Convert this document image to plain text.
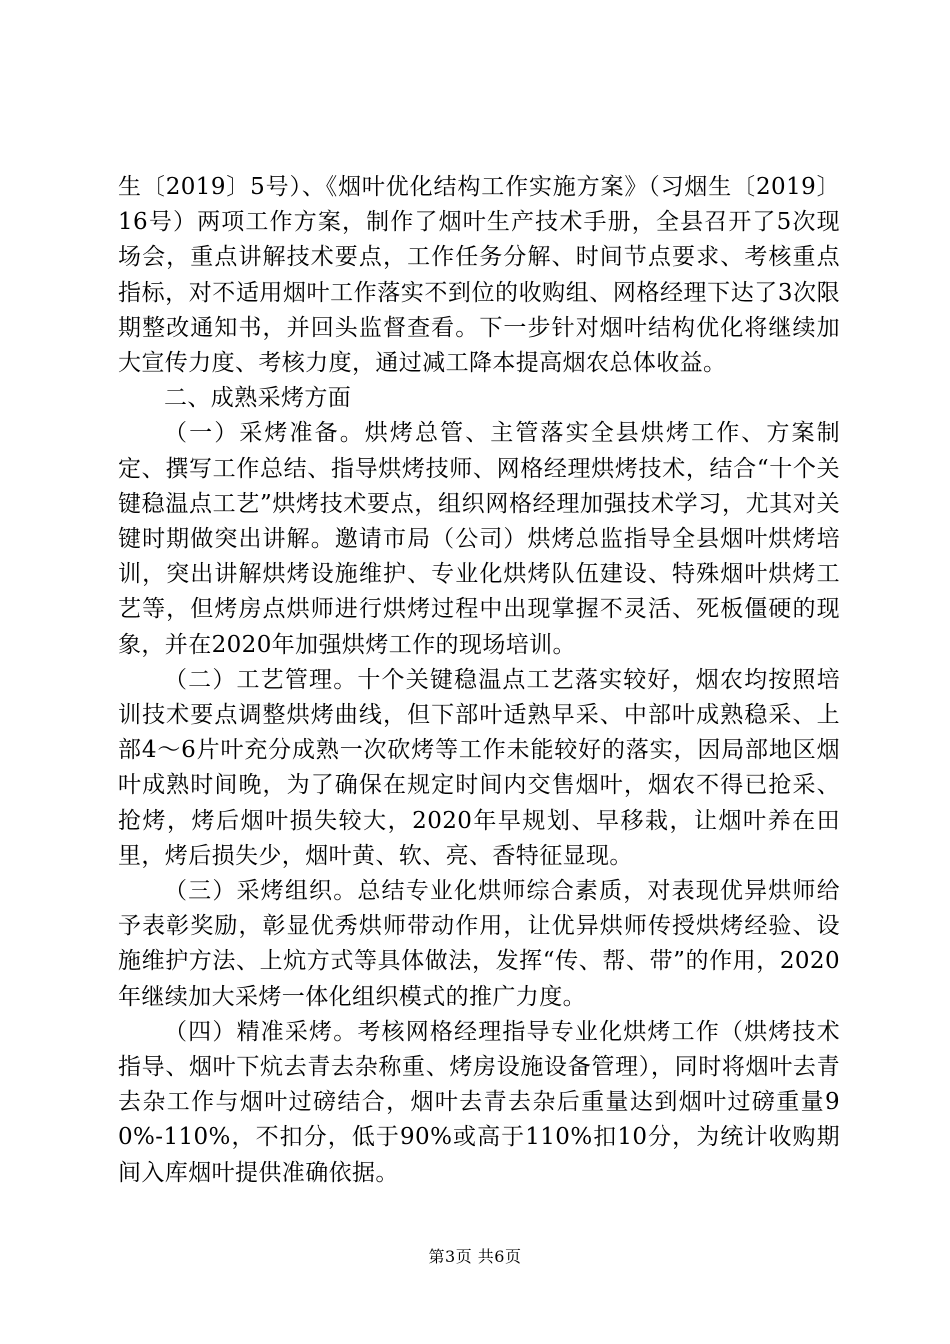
生〔2019〕5号）、《烟叶优化结构工作实施方案》（习烟生〔2019〕16号）两项工作方案，制作了烟叶生产技术手册，全县召开了5次现场会，重点讲解技术要点，工作任务分解、时间节点要求、考核重点指标，对不适用烟叶工作落实不到位的收购组、网格经理下达了3次限期整改通知书，并回头监督查看。下一步针对烟叶结构优化将继续加大宣传力度、考核力度，通过减工降本提高烟农总体收益。

二、成熟采烤方面

（一）采烤准备。烘烤总管、主管落实全县烘烤工作、方案制定、撰写工作总结、指导烘烤技师、网格经理烘烤技术，结合“十个关键稳温点工艺”烘烤技术要点，组织网格经理加强技术学习，尤其对关键时期做突出讲解。邀请市局（公司）烘烤总监指导全县烟叶烘烤培训，突出讲解烘烤设施维护、专业化烘烤队伍建设、特殊烟叶烘烤工艺等，但烤房点烘师进行烘烤过程中出现掌握不灵活、死板僵硬的现象，并在2020年加强烘烤工作的现场培训。

（二）工艺管理。十个关键稳温点工艺落实较好，烟农均按照培训技术要点调整烘烤曲线，但下部叶适熟早采、中部叶成熟稳采、上部4～6片叶充分成熟一次砍烤等工作未能较好的落实，因局部地区烟叶成熟时间晚，为了确保在规定时间内交售烟叶，烟农不得已抢采、抢烤，烤后烟叶损失较大，2020年早规划、早移栽，让烟叶养在田里，烤后损失少，烟叶黄、软、亮、香特征显现。

（三）采烤组织。总结专业化烘师综合素质，对表现优异烘师给予表彰奖励，彰显优秀烘师带动作用，让优异烘师传授烘烤经验、设施维护方法、上炕方式等具体做法，发挥“传、帮、带”的作用，2020年继续加大采烤一体化组织模式的推广力度。

（四）精准采烤。考核网格经理指导专业化烘烤工作（烘烤技术指导、烟叶下炕去青去杂称重、烤房设施设备管理），同时将烟叶去青去杂工作与烟叶过磅结合，烟叶去青去杂后重量达到烟叶过磅重量90%-110%，不扣分，低于90%或高于110%扣10分，为统计收购期间入库烟叶提供准确依据。

第3页 共6页
